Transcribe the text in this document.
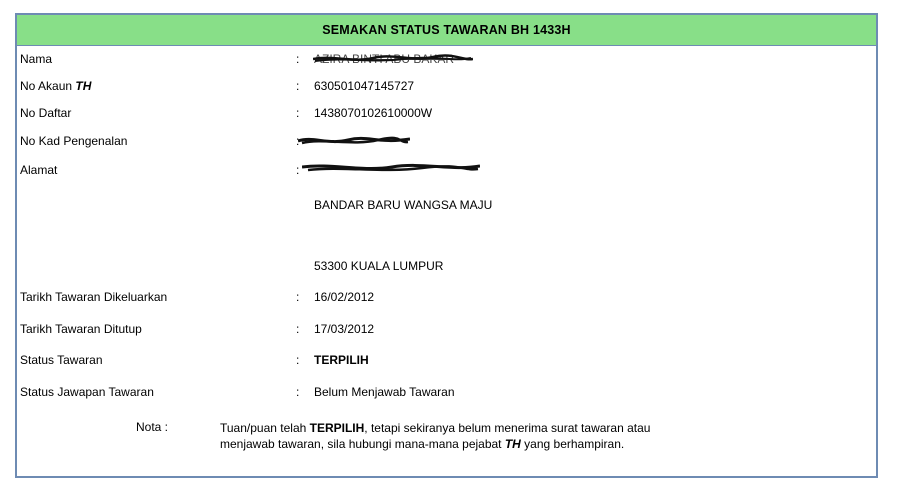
SEMAKAN STATUS TAWARAN BH 1433H
Nama	: AZIRA BINTI ABU BAKAR
No Akaun TH	: 630501047145727
No Daftar	: 1438070102610000W
No Kad Pengenalan	:
Alamat	:
BANDAR BARU WANGSA MAJU
53300 KUALA LUMPUR
Tarikh Tawaran Dikeluarkan	: 16/02/2012
Tarikh Tawaran Ditutup	: 17/03/2012
Status Tawaran	: TERPILIH
Status Jawapan Tawaran	: Belum Menjawab Tawaran
Nota :	Tuan/puan telah TERPILIH, tetapi sekiranya belum menerima surat tawaran atau menjawab tawaran, sila hubungi mana-mana pejabat TH yang berhampiran.
